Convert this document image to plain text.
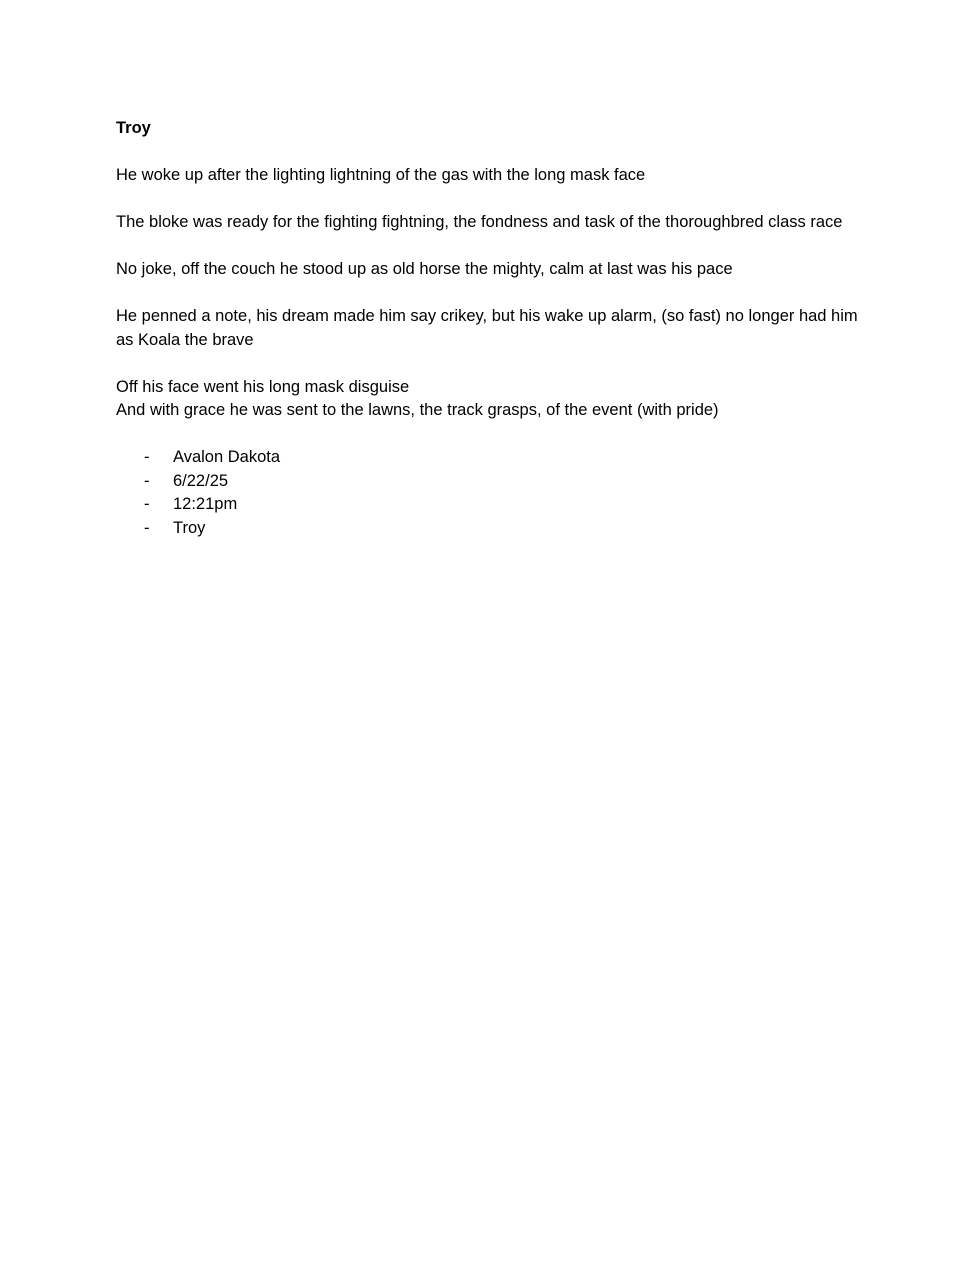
Troy
He woke up after the lighting lightning of the gas with the long mask face
The bloke was ready for the fighting fightning, the fondness and task of the thoroughbred class race
No joke, off the couch he stood up as old horse the mighty, calm at last was his pace
He penned a note, his dream made him say crikey, but his wake up alarm, (so fast) no longer had him as Koala the brave
Off his face went his long mask disguise
And with grace he was sent to the lawns, the track grasps, of the event (with pride)
- Avalon Dakota
- 6/22/25
- 12:21pm
- Troy
